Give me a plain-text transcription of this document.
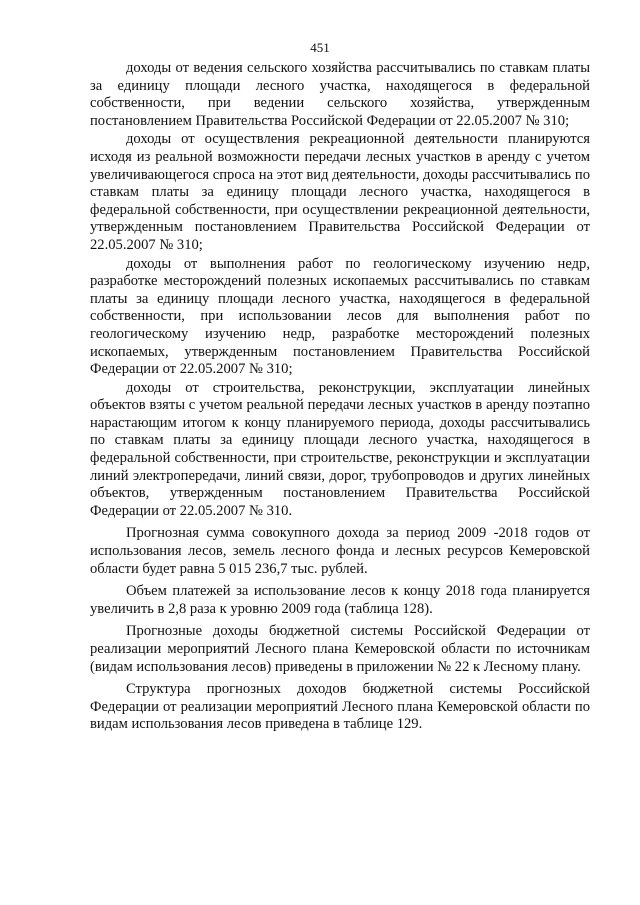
451

доходы от ведения сельского хозяйства рассчитывались по ставкам платы за единицу площади лесного участка, находящегося в федеральной собственности, при ведении сельского хозяйства, утвержденным постановлением Правительства Российской Федерации от 22.05.2007 № 310;

доходы от осуществления рекреационной деятельности планируются исходя из реальной возможности передачи лесных участков в аренду с учетом увеличивающегося спроса на этот вид деятельности, доходы рассчитывались по ставкам платы за единицу площади лесного участка, находящегося в федеральной собственности, при осуществлении рекреационной деятельности, утвержденным постановлением Правительства Российской Федерации от 22.05.2007 № 310;

доходы от выполнения работ по геологическому изучению недр, разработке месторождений полезных ископаемых рассчитывались по ставкам платы за единицу площади лесного участка, находящегося в федеральной собственности, при использовании лесов для выполнения работ по геологическому изучению недр, разработке месторождений полезных ископаемых, утвержденным постановлением Правительства Российской Федерации от 22.05.2007 № 310;

доходы от строительства, реконструкции, эксплуатации линейных объектов взяты с учетом реальной передачи лесных участков в аренду поэтапно нарастающим итогом к концу планируемого периода, доходы рассчитывались по ставкам платы за единицу площади лесного участка, находящегося в федеральной собственности, при строительстве, реконструкции и эксплуатации линий электропередачи, линий связи, дорог, трубопроводов и других линейных объектов, утвержденным постановлением Правительства Российской Федерации от 22.05.2007 № 310.

Прогнозная сумма совокупного дохода за период 2009 -2018 годов от использования лесов, земель лесного фонда и лесных ресурсов Кемеровской области будет равна 5 015 236,7 тыс. рублей.

Объем платежей за использование лесов к концу 2018 года планируется увеличить в 2,8 раза к уровню 2009 года (таблица 128).

Прогнозные доходы бюджетной системы Российской Федерации от реализации мероприятий Лесного плана Кемеровской области по источникам (видам использования лесов) приведены в приложении № 22 к Лесному плану.

Структура прогнозных доходов бюджетной системы Российской Федерации от реализации мероприятий Лесного плана Кемеровской области по видам использования лесов приведена в таблице 129.
